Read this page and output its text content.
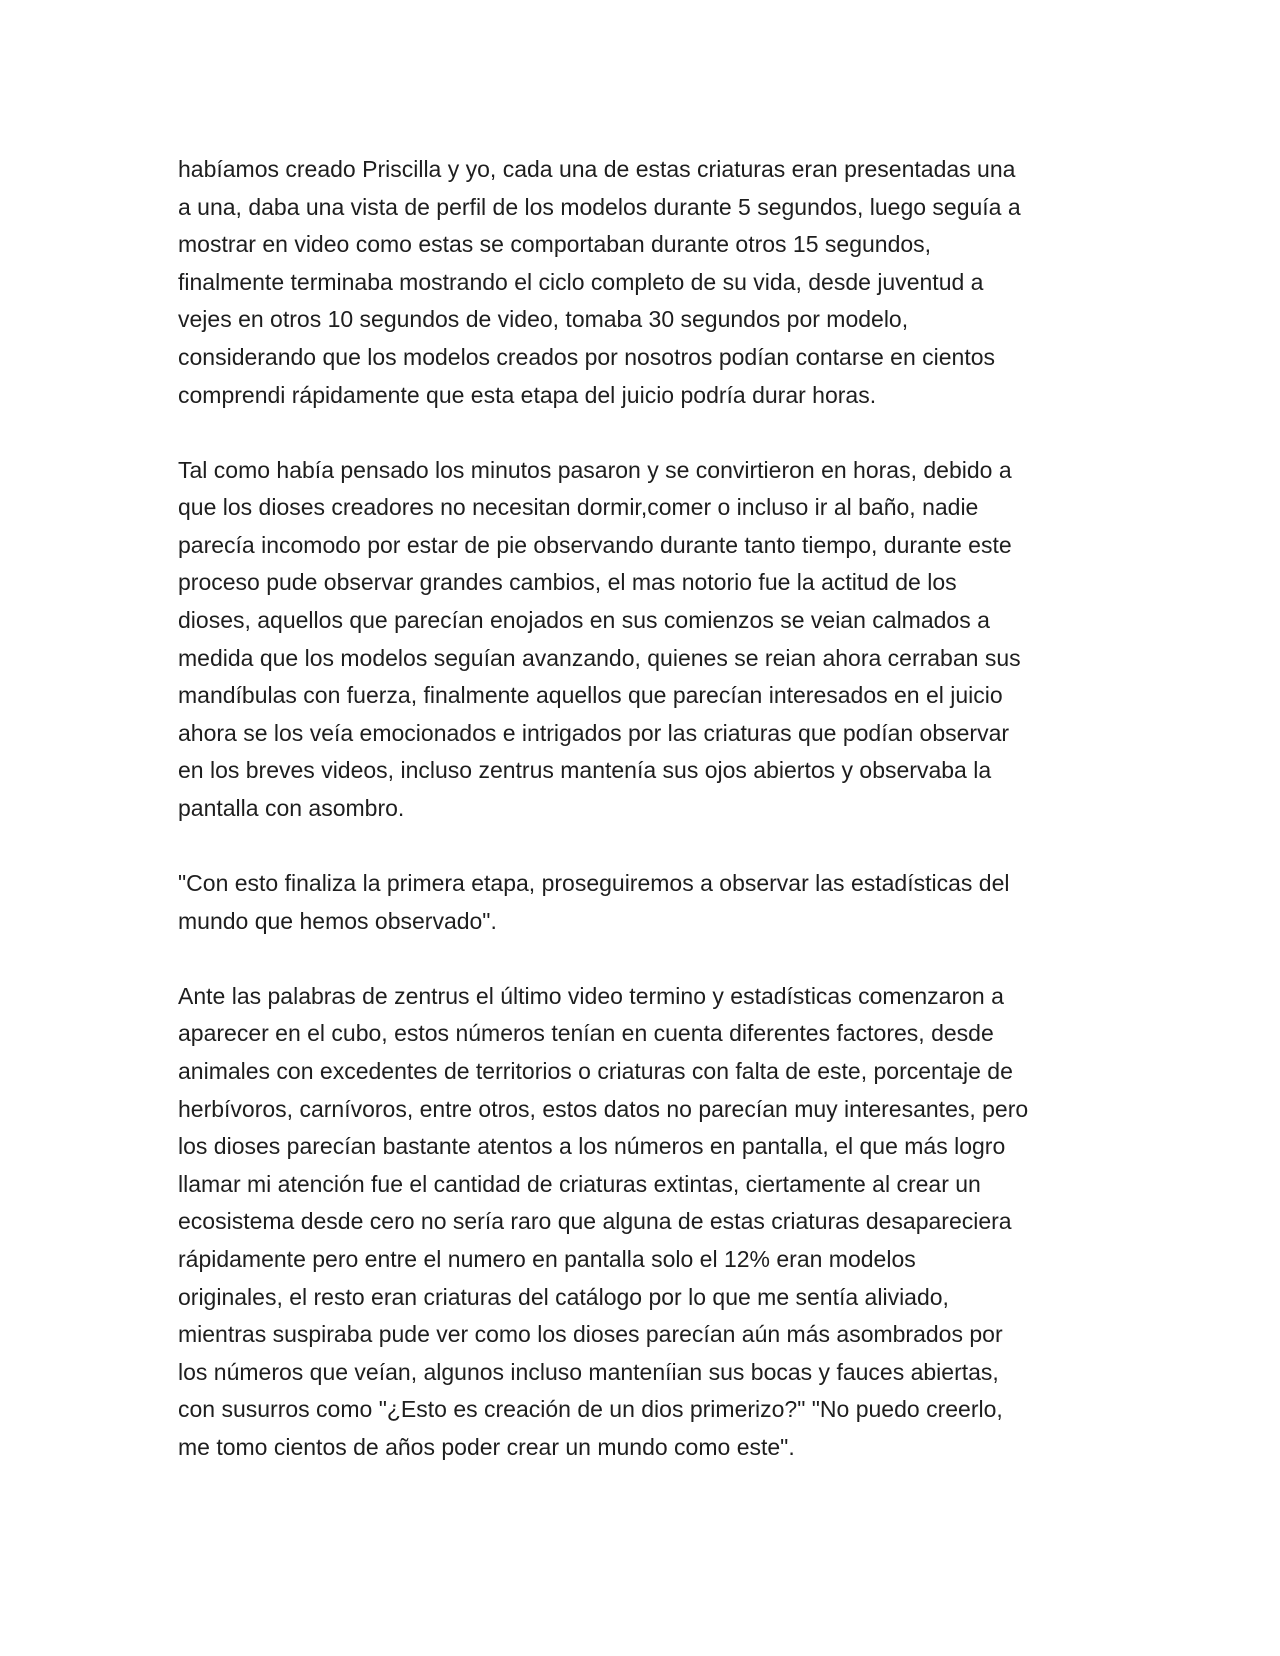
habíamos creado Priscilla y yo, cada una de estas criaturas eran presentadas una
a una, daba una vista de perfil de los modelos durante 5 segundos, luego seguía a
mostrar en video como estas se comportaban durante otros 15 segundos,
finalmente terminaba mostrando el ciclo completo de su vida, desde juventud a
vejes en otros 10 segundos de video, tomaba 30 segundos por modelo,
considerando que los modelos creados por nosotros podían contarse en cientos
comprendi rápidamente que esta etapa del juicio podría durar horas.

Tal como había pensado los minutos pasaron y se convirtieron en horas, debido a
que los dioses creadores no necesitan dormir,comer o incluso ir al baño, nadie
parecía incomodo por estar de pie observando durante tanto tiempo, durante este
proceso pude observar grandes cambios, el mas notorio fue la actitud de los
dioses, aquellos que parecían enojados en sus comienzos se veian calmados a
medida que los modelos seguían avanzando, quienes se reian ahora cerraban sus
mandíbulas con fuerza, finalmente aquellos que parecían interesados en el juicio
ahora se los veía emocionados e intrigados por las criaturas que podían observar
en los breves videos, incluso zentrus mantenía sus ojos abiertos y observaba la
pantalla con asombro.

"Con esto finaliza la primera etapa, proseguiremos a observar las estadísticas del
mundo que hemos observado".

Ante las palabras de zentrus el último video termino y estadísticas comenzaron a
aparecer en el cubo, estos números tenían en cuenta diferentes factores, desde
animales con excedentes de territorios o criaturas con falta de este, porcentaje de
herbívoros, carnívoros, entre otros, estos datos no parecían muy interesantes, pero
los dioses parecían bastante atentos a los números en pantalla, el que más logro
llamar mi atención fue el cantidad de criaturas extintas, ciertamente al crear un
ecosistema desde cero no sería raro que alguna de estas criaturas desapareciera
rápidamente pero entre el numero en pantalla solo el 12% eran modelos
originales, el resto eran criaturas del catálogo por lo que me sentía aliviado,
mientras suspiraba pude ver como los dioses parecían aún más asombrados por
los números que veían, algunos incluso manteníian sus bocas y fauces abiertas,
con susurros como "¿Esto es creación de un dios primerizo?" "No puedo creerlo,
me tomo cientos de años poder crear un mundo como este".
